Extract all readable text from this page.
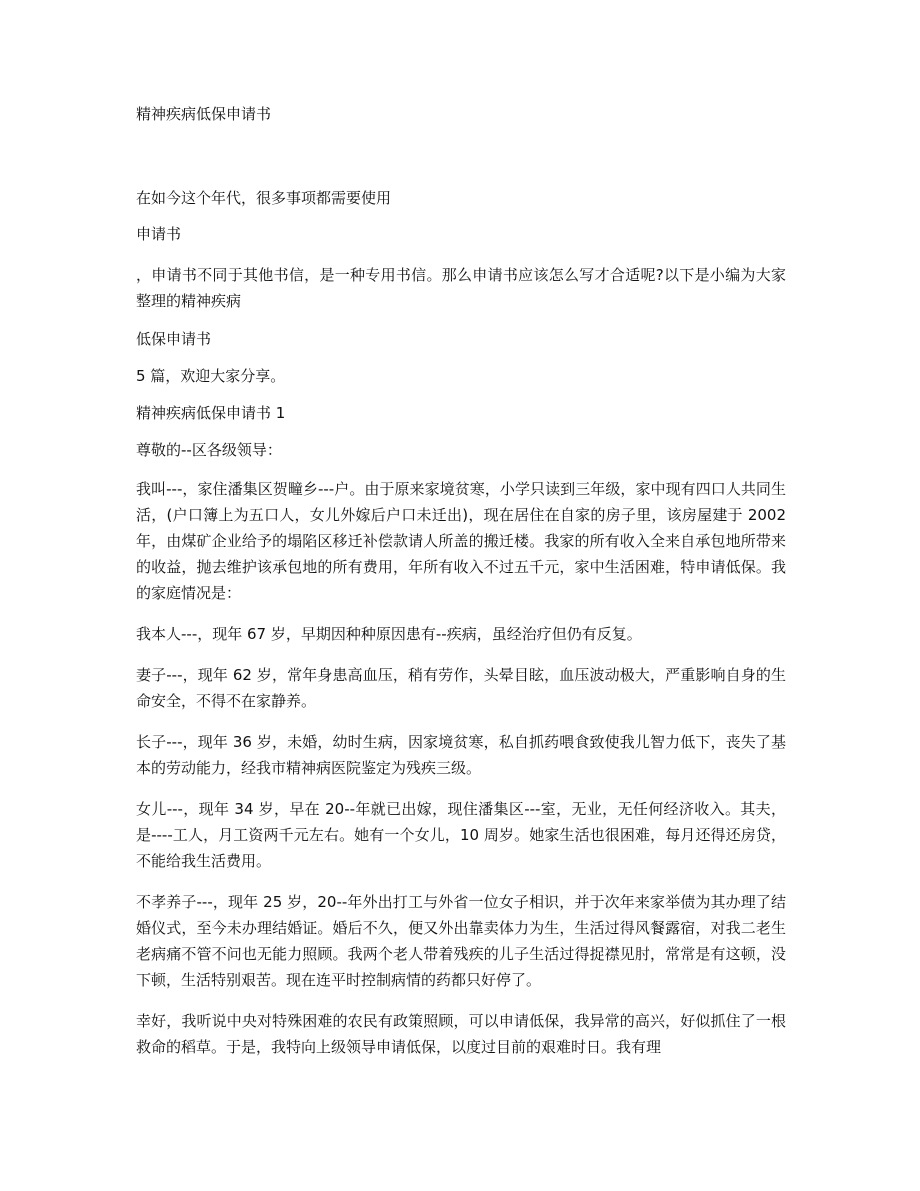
精神疾病低保申请书

在如今这个年代，很多事项都需要使用

申请书

，申请书不同于其他书信，是一种专用书信。那么申请书应该怎么写才合适呢?以下是小编为大家整理的精神疾病

低保申请书

5 篇，欢迎大家分享。

精神疾病低保申请书 1

尊敬的--区各级领导：

我叫---，家住潘集区贺疃乡---户。由于原来家境贫寒，小学只读到三年级，家中现有四口人共同生活，(户口簿上为五口人，女儿外嫁后户口未迁出)，现在居住在自家的房子里，该房屋建于 2002 年，由煤矿企业给予的塌陷区移迁补偿款请人所盖的搬迁楼。我家的所有收入全来自承包地所带来的收益，抛去维护该承包地的所有费用，年所有收入不过五千元，家中生活困难，特申请低保。我的家庭情况是：

我本人---，现年 67 岁，早期因种种原因患有--疾病，虽经治疗但仍有反复。

妻子---，现年 62 岁，常年身患高血压，稍有劳作，头晕目眩，血压波动极大，严重影响自身的生命安全，不得不在家静养。

长子---，现年 36 岁，未婚，幼时生病，因家境贫寒，私自抓药喂食致使我儿智力低下，丧失了基本的劳动能力，经我市精神病医院鉴定为残疾三级。

女儿---，现年 34 岁，早在 20--年就已出嫁，现住潘集区---室，无业，无任何经济收入。其夫，是----工人，月工资两千元左右。她有一个女儿，10 周岁。她家生活也很困难，每月还得还房贷，不能给我生活费用。

不孝养子---，现年 25 岁，20--年外出打工与外省一位女子相识，并于次年来家举债为其办理了结婚仪式，至今未办理结婚证。婚后不久，便又外出靠卖体力为生，生活过得风餐露宿，对我二老生老病痛不管不问也无能力照顾。我两个老人带着残疾的儿子生活过得捉襟见肘，常常是有这顿，没下顿，生活特别艰苦。现在连平时控制病情的药都只好停了。

幸好，我听说中央对特殊困难的农民有政策照顾，可以申请低保，我异常的高兴，好似抓住了一根救命的稻草。于是，我特向上级领导申请低保，以度过目前的艰难时日。我有理
